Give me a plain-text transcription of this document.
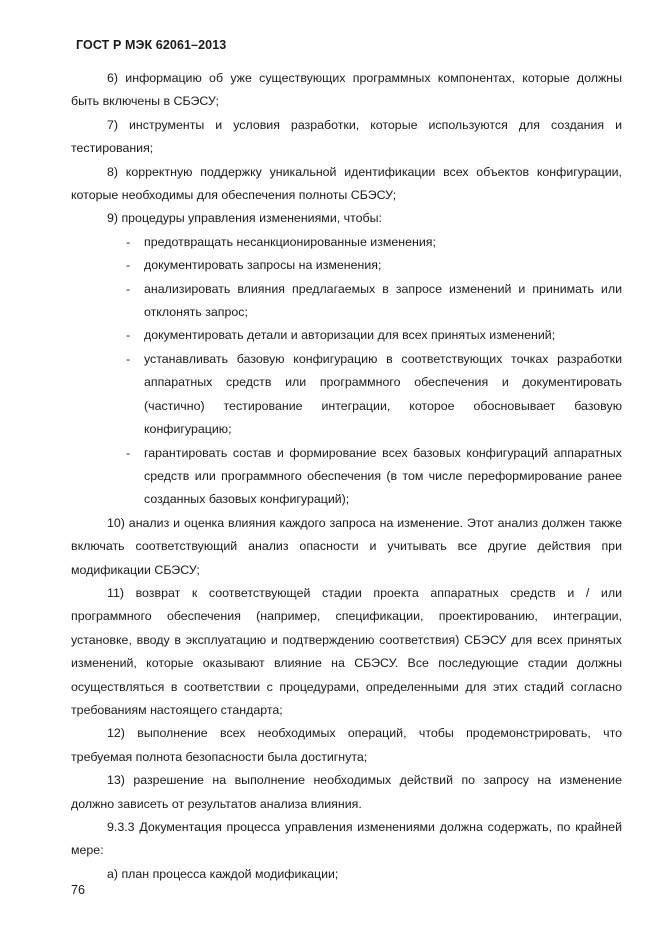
ГОСТ Р МЭК 62061–2013

6) информацию об уже существующих программных компонентах, которые должны быть включены в СБЭСУ;

7) инструменты и условия разработки, которые используются для создания и тестирования;

8) корректную поддержку уникальной идентификации всех объектов конфигурации, которые необходимы для обеспечения полноты СБЭСУ;

9) процедуры управления изменениями, чтобы:

- предотвращать несанкционированные изменения;
- документировать запросы на изменения;
- анализировать влияния предлагаемых в запросе изменений и принимать или отклонять запрос;
- документировать детали и авторизации для всех принятых изменений;
- устанавливать базовую конфигурацию в соответствующих точках разработки аппаратных средств или программного обеспечения и документировать (частично) тестирование интеграции, которое обосновывает базовую конфигурацию;
- гарантировать состав и формирование всех базовых конфигураций аппаратных средств или программного обеспечения (в том числе переформирование ранее созданных базовых конфигураций);

10) анализ и оценка влияния каждого запроса на изменение. Этот анализ должен также включать соответствующий анализ опасности и учитывать все другие действия при модификации СБЭСУ;

11) возврат к соответствующей стадии проекта аппаратных средств и / или программного обеспечения (например, спецификации, проектированию, интеграции, установке, вводу в эксплуатацию и подтверждению соответствия) СБЭСУ для всех принятых изменений, которые оказывают влияние на СБЭСУ. Все последующие стадии должны осуществляться в соответствии с процедурами, определенными для этих стадий согласно требованиям настоящего стандарта;

12) выполнение всех необходимых операций, чтобы продемонстрировать, что требуемая полнота безопасности была достигнута;

13) разрешение на выполнение необходимых действий по запросу на изменение должно зависеть от результатов анализа влияния.

9.3.3 Документация процесса управления изменениями должна содержать, по крайней мере:

а) план процесса каждой модификации;

76
